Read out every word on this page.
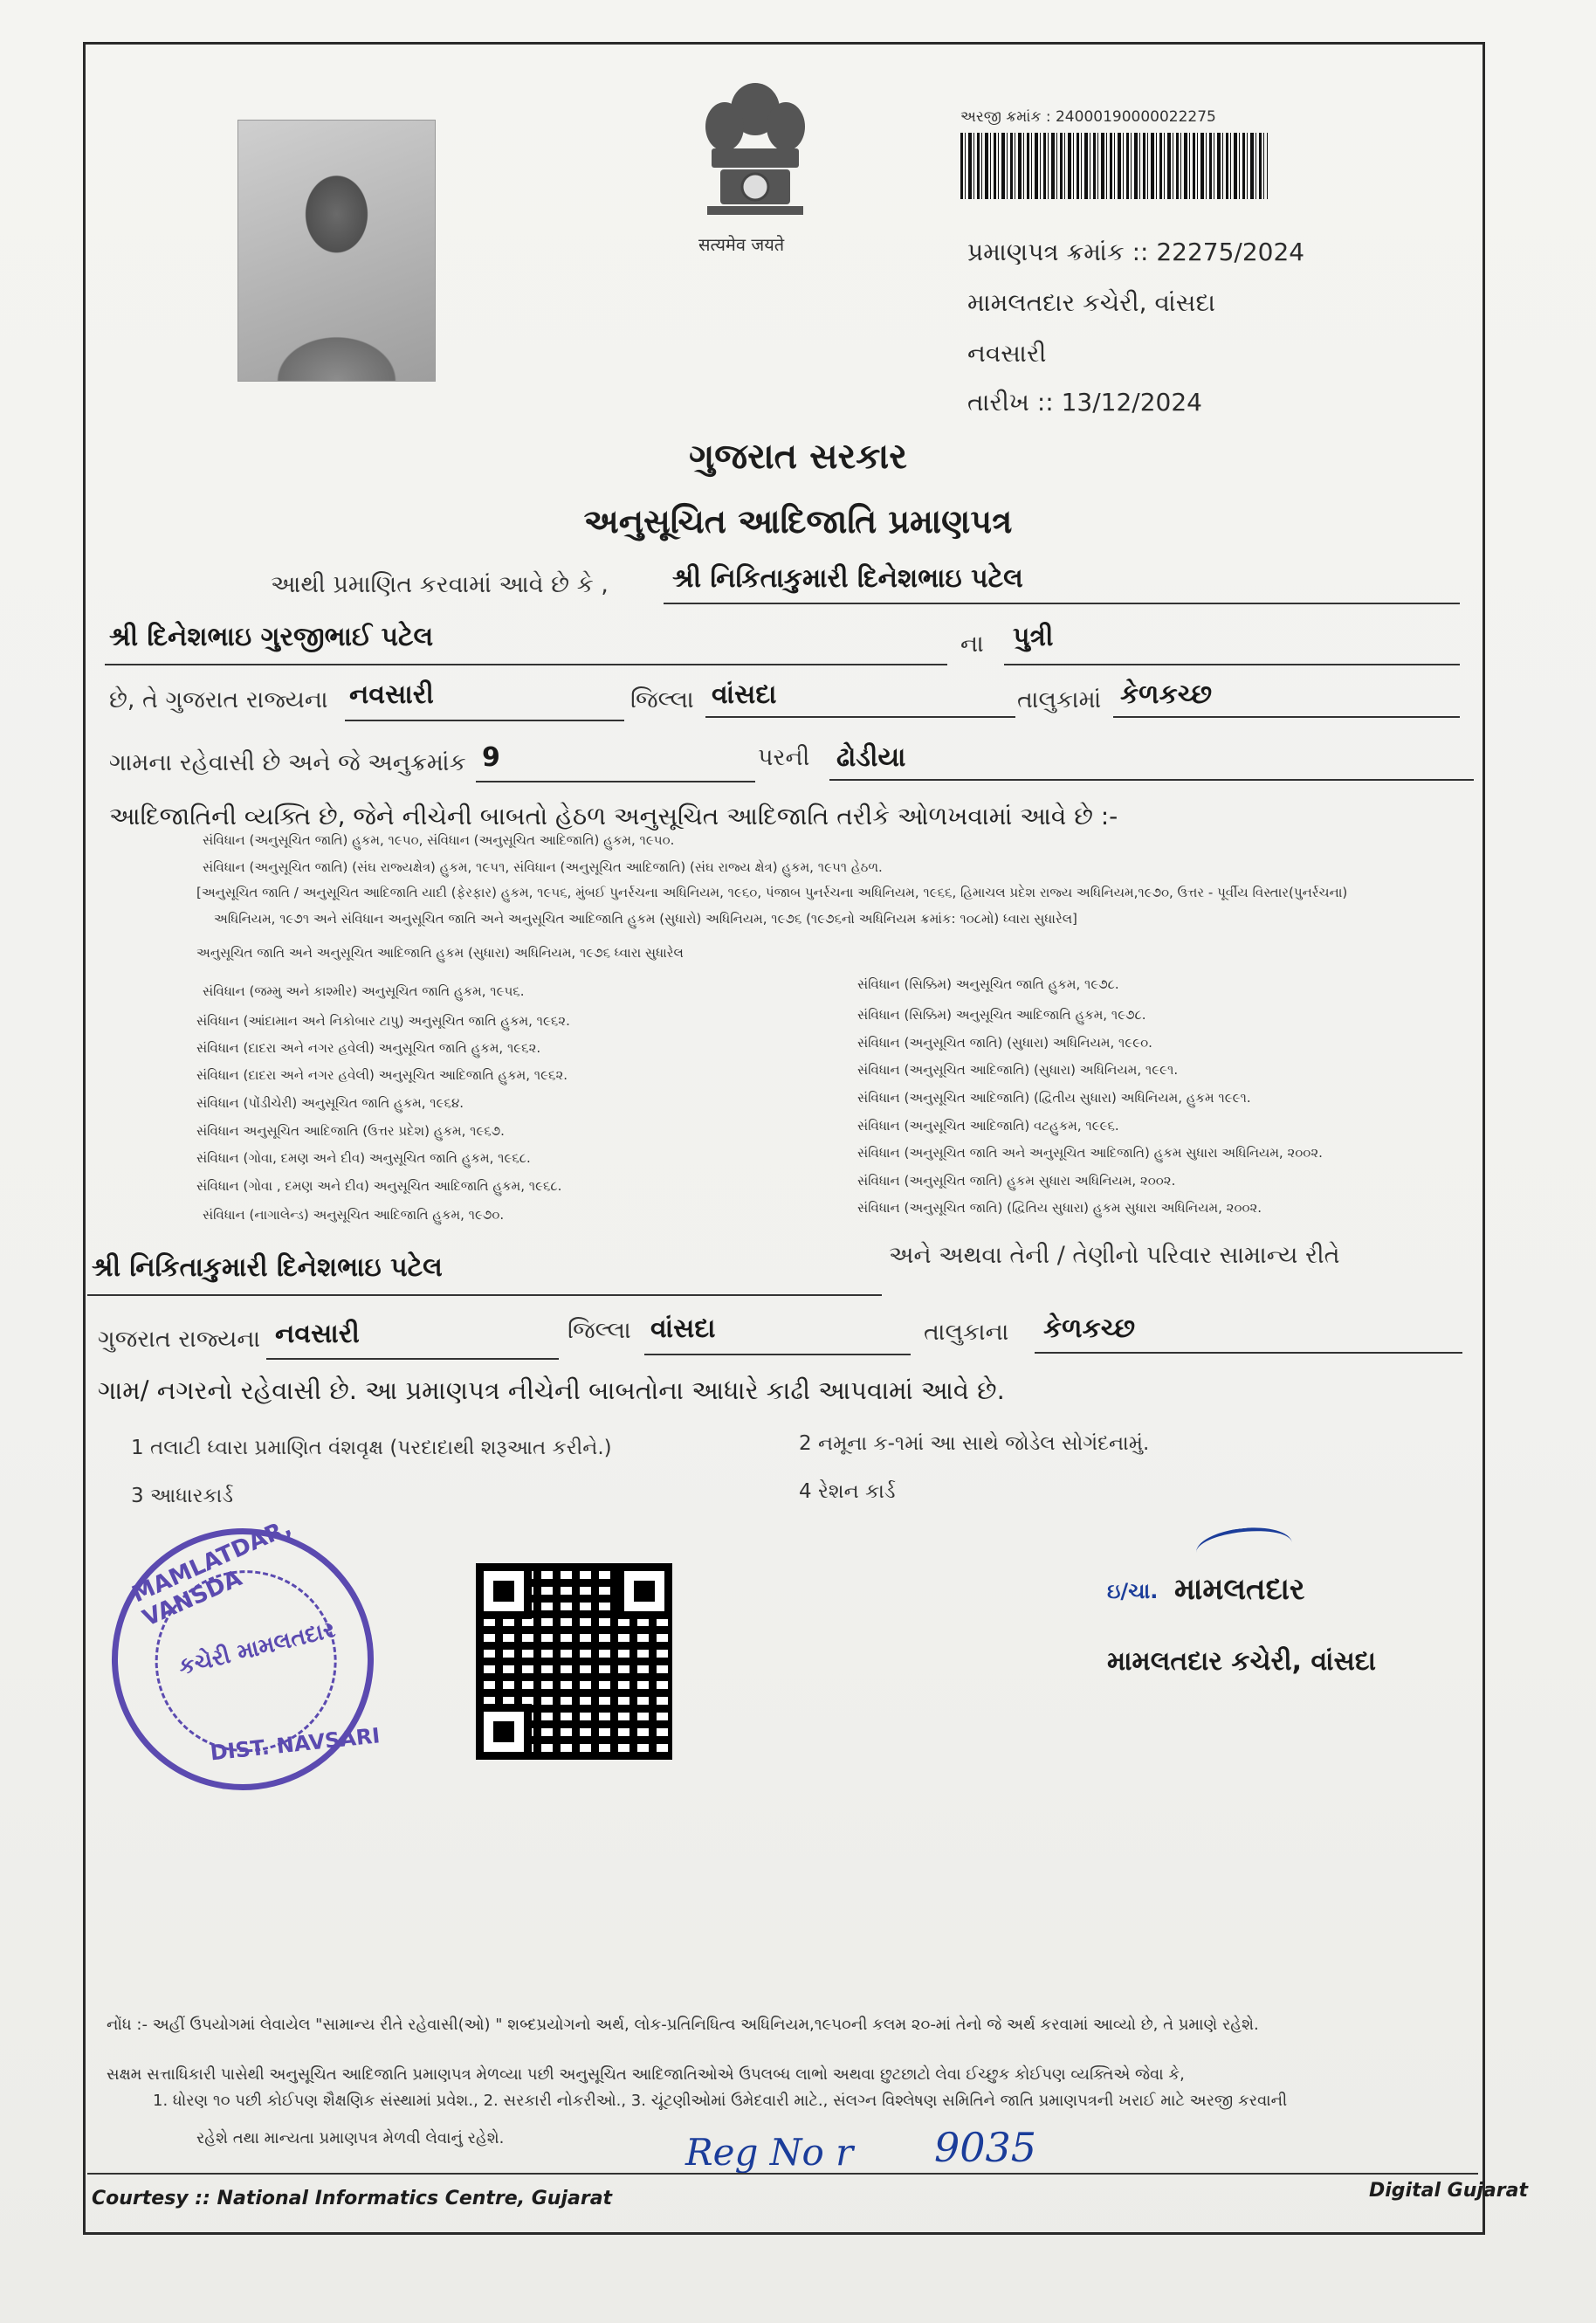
सत्यमेव जयते
અરજી ક્રમાંક : 24000190000022275
પ્રમાણપત્ર ક્રમાંક :: 22275/2024
મામલતદાર કચેરી, વાંસદા
નવસારી
તારીખ :: 13/12/2024
ગુજરાત સરકાર
અનુસૂચિત આદિજાતિ પ્રમાણપત્ર
આથી પ્રમાણિત કરવામાં આવે છે કે , શ્રી નિકિતાકુમારી દિનેશભાઇ પટેલ
શ્રી દિનેશભાઇ ગુરજીભાઈ પટેલ	ના પુત્રી
છે, તે ગુજરાત રાજ્યના નવસારી	જિલ્લા વાંસદા	તાલુકામાં કેળકચ્છ
ગામના રહેવાસી છે અને જે અનુક્રમાંક 9	પરની ઢોડીયા
આદિજાતિની વ્યક્તિ છે, જેને નીચેની બાબતો હેઠળ અનુસૂચિત આદિજાતિ તરીકે ઓળખવામાં આવે છે :-
સંવિધાન (અનુસૂચિત જાતિ) હુકમ, ૧૯૫૦, સંવિધાન (અનુસૂચિત આદિજાતિ) હુકમ, ૧૯૫૦.
સંવિધાન (અનુસૂચિત જાતિ) (સંઘ રાજ્યક્ષેત્ર) હુકમ, ૧૯૫૧, સંવિધાન (અનુસૂચિત આદિજાતિ) (સંઘ રાજ્ય ક્ષેત્ર) હુકમ, ૧૯૫૧ હેઠળ.
[અનુસૂચિત જાતિ / અનુસૂચિત આદિજાતિ યાદી (ફેરફાર) હુકમ, ૧૯૫૬, મુંબઈ પુનર્રચના અધિનિયમ, ૧૯૬૦, પંજાબ પુનર્રચના અધિનિયમ, ૧૯૬૬, હિમાચલ પ્રદેશ રાજ્ય અધિનિયમ,૧૯૭૦, ઉત્તર - પૂર્વીય વિસ્તાર(પુનર્રચના)
અધિનિયમ, ૧૯૭૧ અને સંવિધાન અનુસૂચિત જાતિ અને અનુસૂચિત આદિજાતિ હુકમ (સુધારો) અધિનિયમ, ૧૯૭૬ (૧૯૭૬નો અધિનિયમ ક્રમાંક: ૧૦૮મો) ધ્વારા સુધારેલ]
અનુસૂચિત જાતિ અને અનુસૂચિત આદિજાતિ હુકમ (સુધારા) અધિનિયમ, ૧૯૭૬ ધ્વારા સુધારેલ
સંવિધાન (જમ્મુ અને કાશ્મીર) અનુસૂચિત જાતિ હુકમ, ૧૯૫૬.
સંવિધાન (આંદામાન અને નિકોબાર ટાપુ) અનુસૂચિત જાતિ હુકમ, ૧૯૬૨.
સંવિધાન (દાદરા અને નગર હવેલી) અનુસૂચિત જાતિ હુકમ, ૧૯૬૨.
સંવિધાન (દાદરા અને નગર હવેલી) અનુસૂચિત આદિજાતિ હુકમ, ૧૯૬૨.
સંવિધાન (પોંડીચેરી) અનુસૂચિત જાતિ હુકમ, ૧૯૬૪.
સંવિધાન અનુસૂચિત આદિજાતિ (ઉત્તર પ્રદેશ) હુકમ, ૧૯૬૭.
સંવિધાન (ગોવા, દમણ અને દીવ) અનુસૂચિત જાતિ હુકમ, ૧૯૬૮.
સંવિધાન (ગોવા , દમણ અને દીવ) અનુસૂચિત આદિજાતિ હુકમ, ૧૯૬૮.
સંવિધાન (નાગાલેન્ડ) અનુસૂચિત આદિજાતિ હુકમ, ૧૯૭૦.
સંવિધાન (સિક્કિમ) અનુસૂચિત જાતિ હુકમ, ૧૯૭૮.
સંવિધાન (સિક્કિમ) અનુસૂચિત આદિજાતિ હુકમ, ૧૯૭૮.
સંવિધાન (અનુસૂચિત જાતિ) (સુધારા) અધિનિયમ, ૧૯૯૦.
સંવિધાન (અનુસૂચિત આદિજાતિ) (સુધારા) અધિનિયમ, ૧૯૯૧.
સંવિધાન (અનુસૂચિત આદિજાતિ) (દ્વિતીય સુધારા) અધિનિયમ, હુકમ ૧૯૯૧.
સંવિધાન (અનુસૂચિત આદિજાતિ) વટહુકમ, ૧૯૯૬.
સંવિધાન (અનુસૂચિત જાતિ અને અનુસૂચિત આદિજાતિ) હુકમ સુધારા અધિનિયમ, ૨૦૦૨.
સંવિધાન (અનુસૂચિત જાતિ) હુકમ સુધારા અધિનિયમ, ૨૦૦૨.
સંવિધાન (અનુસૂચિત જાતિ) (દ્વિતિય સુધારા) હુકમ સુધારા અધિનિયમ, ૨૦૦૨.
શ્રી નિકિતાકુમારી દિનેશભાઇ પટેલ	અને અથવા તેની / તેણીનો પરિવાર સામાન્ય રીતે
ગુજરાત રાજ્યના નવસારી	જિલ્લા વાંસદા	તાલુકાના કેળકચ્છ
ગામ/ નગરનો રહેવાસી છે. આ પ્રમાણપત્ર નીચેની બાબતોના આધારે કાઢી આપવામાં આવે છે.
1 તલાટી ધ્વારા પ્રમાણિત વંશવૃક્ષ (પરદાદાથી શરૂઆત કરીને.)	2 નમૂના ક-૧માં આ સાથે જોડેલ સોગંદનામું.
3 આધારકાર્ડ	4 રેશન કાર્ડ
MAMLATDAR, VANSDA
કચેરી મામલતદાર
DIST. NAVSARI
ઇ/ચા. મામલતદાર
મામલતદાર કચેરી, વાંસદા
નોંધ :- અહીં ઉપયોગમાં લેવાયેલ "સામાન્ય રીતે રહેવાસી(ઓ) " શબ્દપ્રયોગનો અર્થ, લોક-પ્રતિનિધિત્વ અધિનિયમ,૧૯૫૦ની કલમ ૨૦-માં તેનો જે અર્થ કરવામાં આવ્યો છે, તે પ્રમાણે રહેશે.
સક્ષમ સત્તાધિકારી પાસેથી અનુસૂચિત આદિજાતિ પ્રમાણપત્ર મેળવ્યા પછી અનુસૂચિત આદિજાતિઓએ ઉપલબ્ધ લાભો અથવા છુટછાટો લેવા ઈચ્છુક કોઈપણ વ્યક્તિએ જેવા કે,
1. ધોરણ ૧૦ પછી કોઈપણ શૈક્ષણિક સંસ્થામાં પ્રવેશ., 2. સરકારી નોકરીઓ., 3. ચૂંટણીઓમાં ઉમેદવારી માટે., સંલગ્ન વિશ્લેષણ સમિતિને જાતિ પ્રમાણપત્રની ખરાઈ માટે અરજી કરવાની
રહેશે તથા માન્યતા પ્રમાણપત્ર મેળવી લેવાનું રહેશે.	Reg No r 9035
Courtesy :: National Informatics Centre, Gujarat	Digital Gujarat
